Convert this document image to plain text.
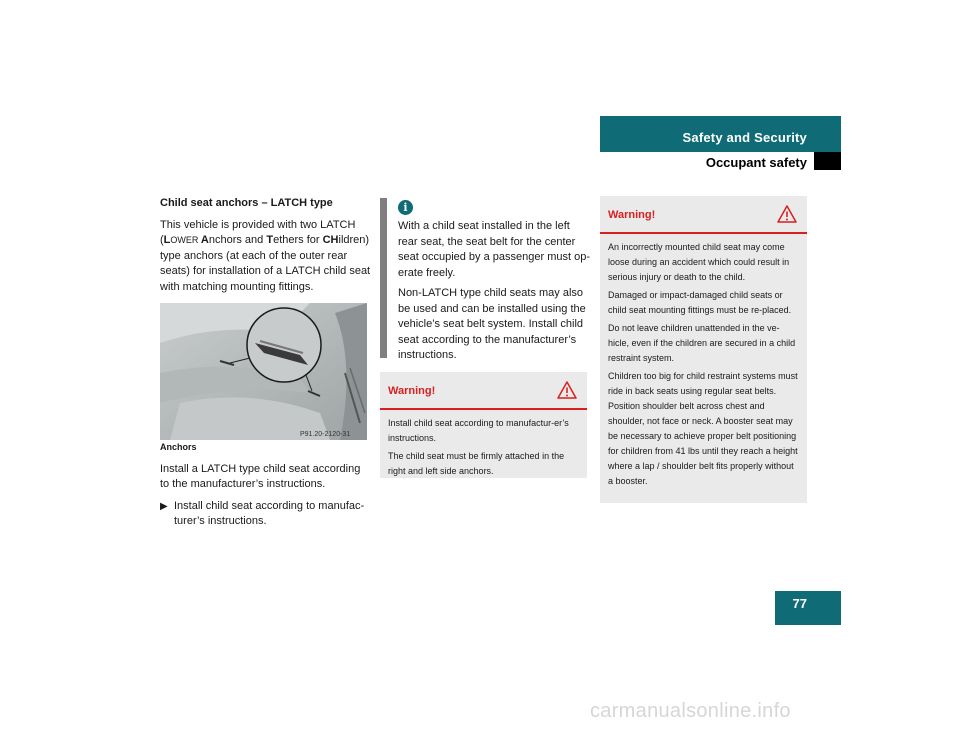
Safety and Security
Occupant safety

Child seat anchors – LATCH type

This vehicle is provided with two LATCH (LOWER Anchors and Tethers for CHildren) type anchors (at each of the outer rear seats) for installation of a LATCH child seat with matching mounting fittings.

P91.20-2120-31

Anchors

Install a LATCH type child seat according to the manufacturer’s instructions.

▶ Install child seat according to manufac-turer’s instructions.
i

With a child seat installed in the left rear seat, the seat belt for the center seat occupied by a passenger must op-erate freely.

Non-LATCH type child seats may also be used and can be installed using the vehicle’s seat belt system. Install child seat according to the manufacturer’s instructions.

Warning!

Install child seat according to manufactur-er’s instructions.

The child seat must be firmly attached in the right and left side anchors.

Warning!

An incorrectly mounted child seat may come loose during an accident which could result in serious injury or death to the child.

Damaged or impact-damaged child seats or child seat mounting fittings must be re-placed.

Do not leave children unattended in the ve-hicle, even if the children are secured in a child restraint system.

Children too big for child restraint systems must ride in back seats using regular seat belts. Position shoulder belt across chest and shoulder, not face or neck. A booster seat may be necessary to achieve proper belt positioning for children from 41 lbs until they reach a height where a lap / shoulder belt fits properly without a booster.

77
carmanualsonline.info
